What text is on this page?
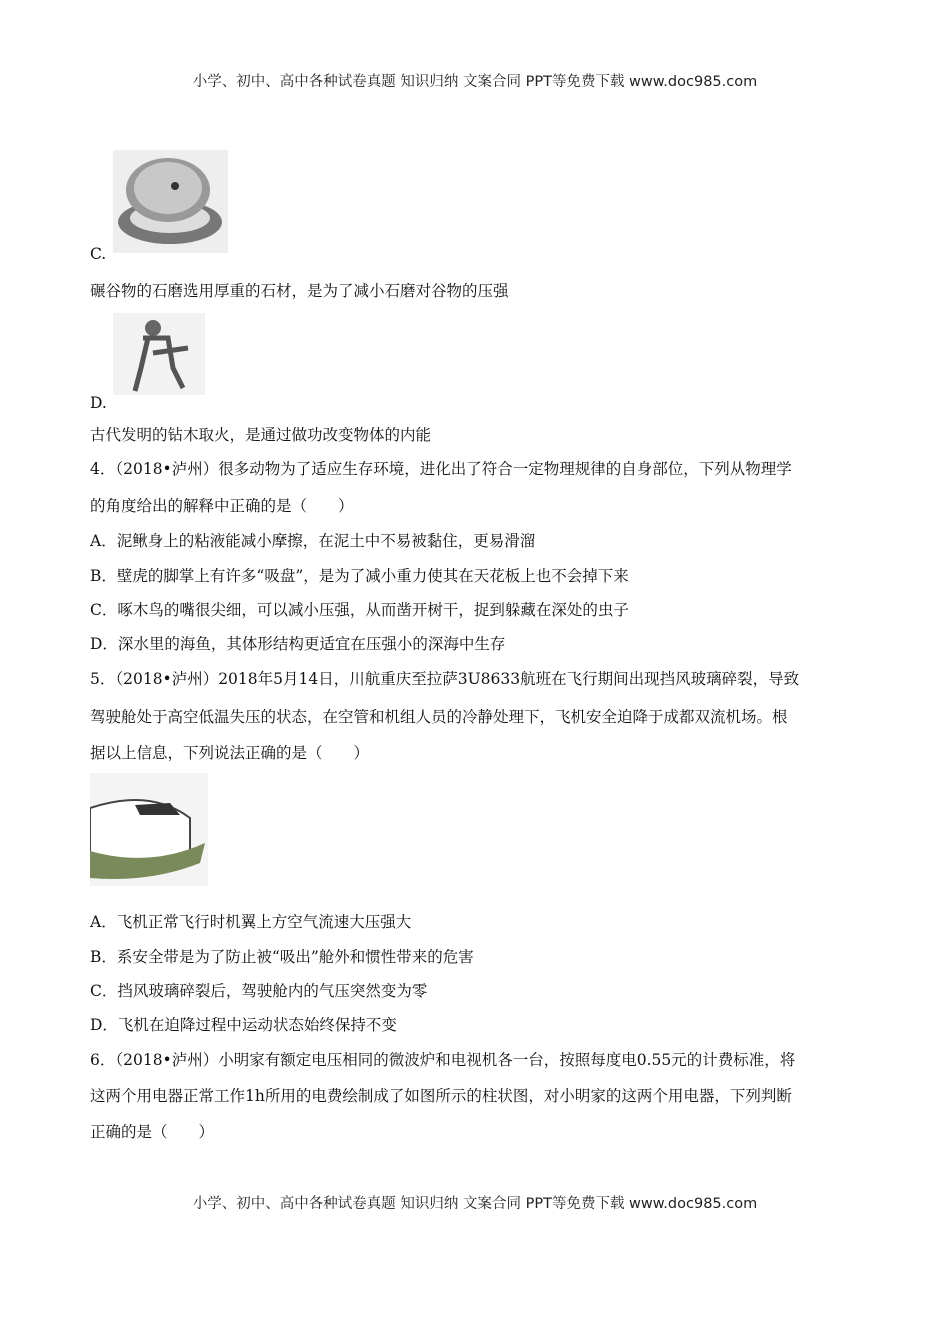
小学、初中、高中各种试卷真题 知识归纳 文案合同 PPT等免费下载 www.doc985.com
C.
碾谷物的石磨选用厚重的石材，是为了减小石磨对谷物的压强
D.
古代发明的钻木取火，是通过做功改变物体的内能
4．（2018•泸州）很多动物为了适应生存环境，进化出了符合一定物理规律的自身部位，下列从物理学
的角度给出的解释中正确的是（　　）
A．泥鳅身上的粘液能减小摩擦，在泥土中不易被黏住，更易滑溜
B．壁虎的脚掌上有许多“吸盘”，是为了减小重力使其在天花板上也不会掉下来
C．啄木鸟的嘴很尖细，可以减小压强，从而凿开树干，捉到躲藏在深处的虫子
D．深水里的海鱼，其体形结构更适宜在压强小的深海中生存
5．（2018•泸州）2018年5月14日，川航重庆至拉萨3U8633航班在飞行期间出现挡风玻璃碎裂，导致
驾驶舱处于高空低温失压的状态，在空管和机组人员的冷静处理下，飞机安全迫降于成都双流机场。根
据以上信息，下列说法正确的是（　　）
A．飞机正常飞行时机翼上方空气流速大压强大
B．系安全带是为了防止被“吸出”舱外和惯性带来的危害
C．挡风玻璃碎裂后，驾驶舱内的气压突然变为零
D．飞机在迫降过程中运动状态始终保持不变
6．（2018•泸州）小明家有额定电压相同的微波炉和电视机各一台，按照每度电0.55元的计费标准，将
这两个用电器正常工作1h所用的电费绘制成了如图所示的柱状图，对小明家的这两个用电器，下列判断
正确的是（　　）
小学、初中、高中各种试卷真题 知识归纳 文案合同 PPT等免费下载 www.doc985.com
